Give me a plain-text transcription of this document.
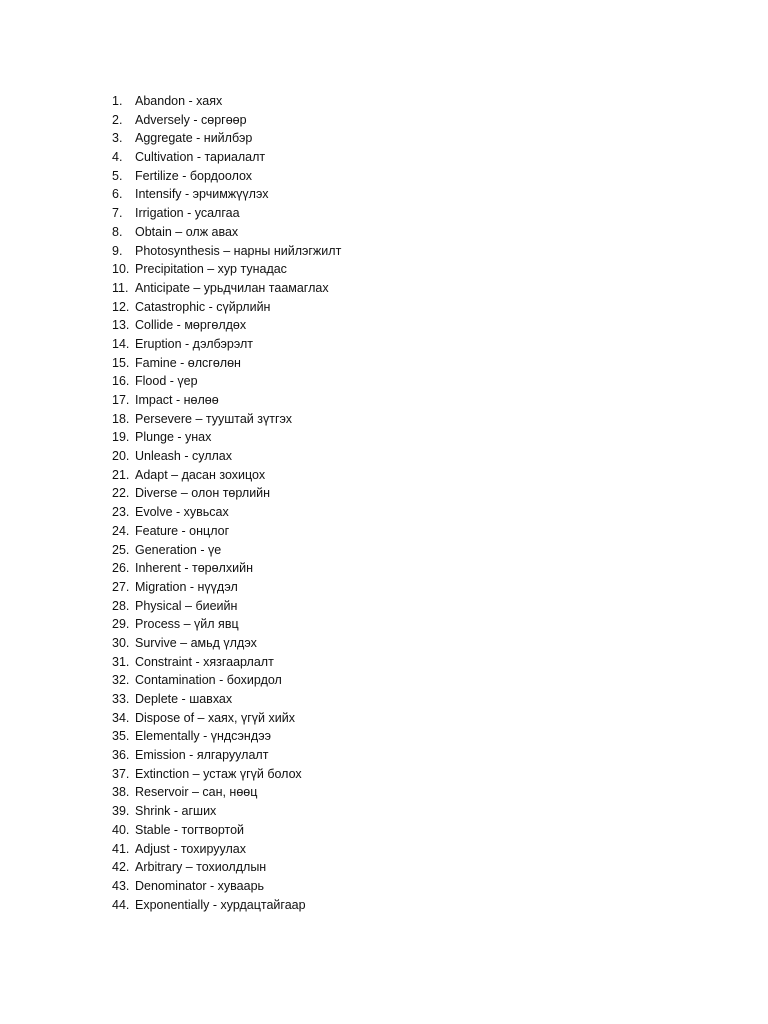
1.	Abandon - хаях
2.	Adversely - сөргөөр
3.	Aggregate - нийлбэр
4.	Cultivation - тариалалт
5.	Fertilize - бордоолох
6.	Intensify - эрчимжүүлэх
7.	Irrigation - усалгаа
8.	Obtain – олж авах
9.	Photosynthesis – нарны нийлэгжилт
10. Precipitation – хур тунадас
11. Anticipate – урьдчилан таамаглах
12. Catastrophic - сүйрлийн
13. Collide - мөргөлдөх
14. Eruption - дэлбэрэлт
15. Famine - өлсгөлөн
16. Flood - үер
17. Impact - нөлөө
18. Persevere – тууштай зүтгэх
19. Plunge - унах
20. Unleash - суллах
21. Adapt – дасан зохицох
22. Diverse – олон төрлийн
23. Evolve - хувьсах
24. Feature - онцлог
25. Generation - үе
26. Inherent - төрөлхийн
27. Migration - нүүдэл
28. Physical – биеийн
29. Process – үйл явц
30. Survive – амьд үлдэх
31. Constraint - хязгаарлалт
32. Contamination - бохирдол
33. Deplete - шавхах
34. Dispose of – хаях, үгүй хийх
35. Elementally - үндсэндээ
36. Emission - ялгаруулалт
37. Extinction – устаж үгүй болох
38. Reservoir – сан, нөөц
39. Shrink - агших
40. Stable - тогтвортой
41. Adjust - тохируулах
42. Arbitrary – тохиолдлын
43. Denominator - хуваарь
44. Exponentially - хурдацтайгаар
